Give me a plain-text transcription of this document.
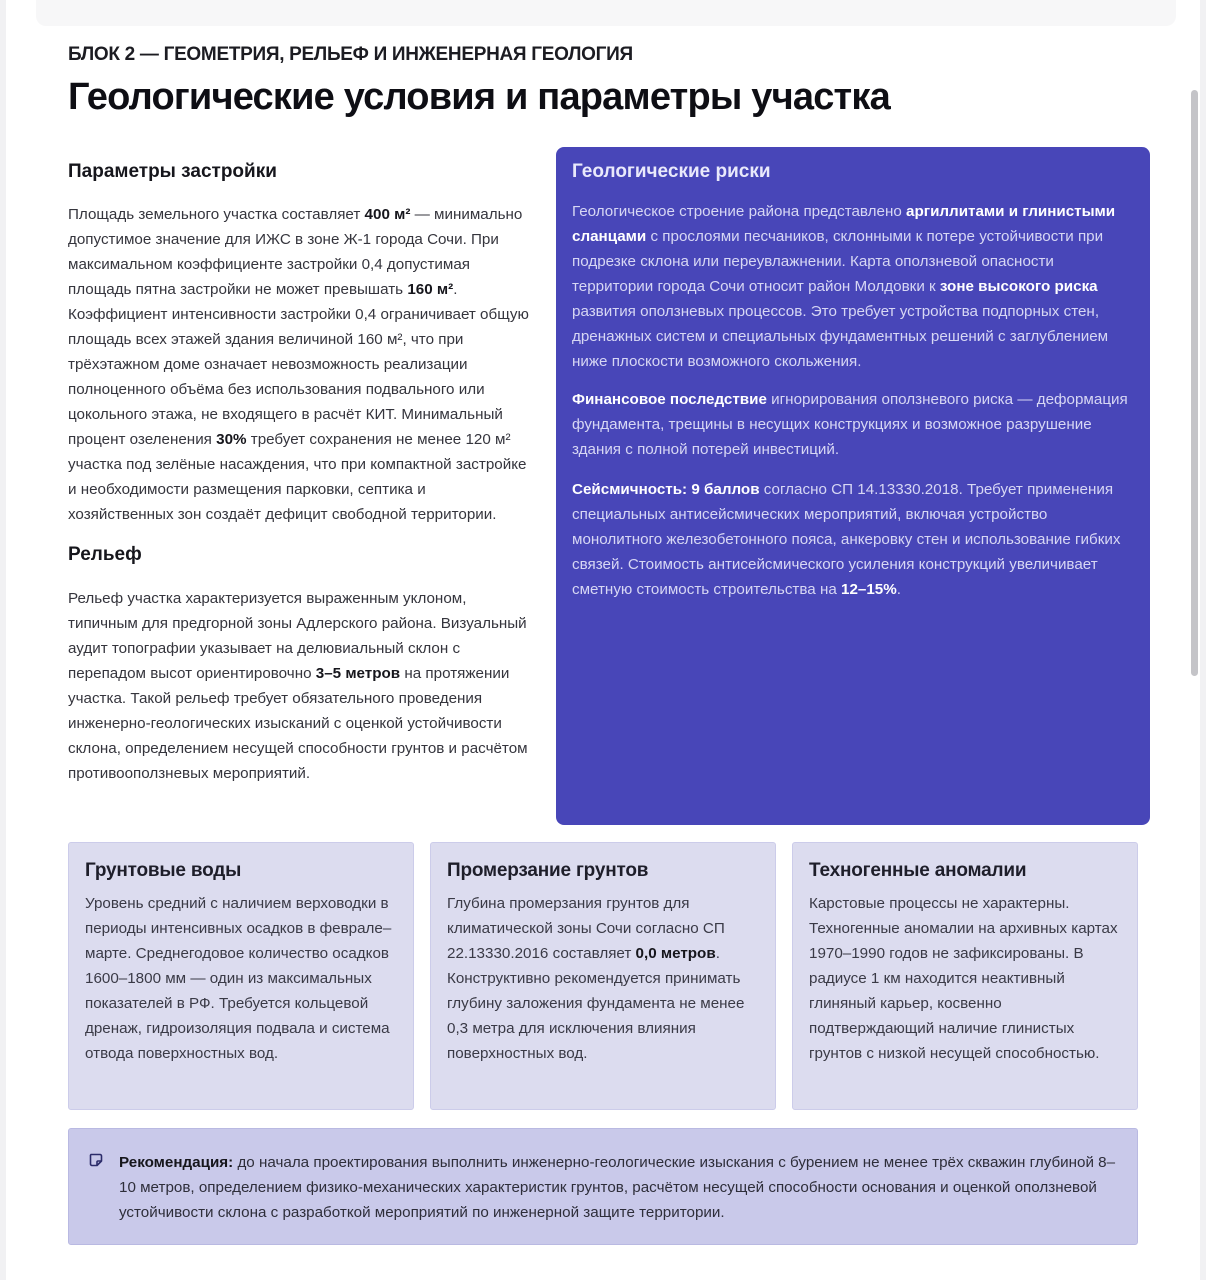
БЛОК 2 — ГЕОМЕТРИЯ, РЕЛЬЕФ И ИНЖЕНЕРНАЯ ГЕОЛОГИЯ
Геологические условия и параметры участка
Параметры застройки

Площадь земельного участка составляет 400 м² — минимально допустимое значение для ИЖС в зоне Ж-1 города Сочи. При максимальном коэффициенте застройки 0,4 допустимая площадь пятна застройки не может превышать 160 м². Коэффициент интенсивности застройки 0,4 ограничивает общую площадь всех этажей здания величиной 160 м², что при трёхэтажном доме означает невозможность реализации полноценного объёма без использования подвального или цокольного этажа, не входящего в расчёт КИТ. Минимальный процент озеленения 30% требует сохранения не менее 120 м² участка под зелёные насаждения, что при компактной застройке и необходимости размещения парковки, септика и хозяйственных зон создаёт дефицит свободной территории.

Рельеф

Рельеф участка характеризуется выраженным уклоном, типичным для предгорной зоны Адлерского района. Визуальный аудит топографии указывает на делювиальный склон с перепадом высот ориентировочно 3–5 метров на протяжении участка. Такой рельеф требует обязательного проведения инженерно-геологических изысканий с оценкой устойчивости склона, определением несущей способности грунтов и расчётом противооползневых мероприятий.

Геологические риски

Геологическое строение района представлено аргиллитами и глинистыми сланцами с прослоями песчаников, склонными к потере устойчивости при подрезке склона или переувлажнении. Карта оползневой опасности территории города Сочи относит район Молдовки к зоне высокого риска развития оползневых процессов. Это требует устройства подпорных стен, дренажных систем и специальных фундаментных решений с заглублением ниже плоскости возможного скольжения.

Финансовое последствие игнорирования оползневого риска — деформация фундамента, трещины в несущих конструкциях и возможное разрушение здания с полной потерей инвестиций.

Сейсмичность: 9 баллов согласно СП 14.13330.2018. Требует применения специальных антисейсмических мероприятий, включая устройство монолитного железобетонного пояса, анкеровку стен и использование гибких связей. Стоимость антисейсмического усиления конструкций увеличивает сметную стоимость строительства на 12–15%.

Грунтовые воды

Уровень средний с наличием верховодки в периоды интенсивных осадков в феврале–марте. Среднегодовое количество осадков 1600–1800 мм — один из максимальных показателей в РФ. Требуется кольцевой дренаж, гидроизоляция подвала и система отвода поверхностных вод.

Промерзание грунтов

Глубина промерзания грунтов для климатической зоны Сочи согласно СП 22.13330.2016 составляет 0,0 метров. Конструктивно рекомендуется принимать глубину заложения фундамента не менее 0,3 метра для исключения влияния поверхностных вод.

Техногенные аномалии

Карстовые процессы не характерны. Техногенные аномалии на архивных картах 1970–1990 годов не зафиксированы. В радиусе 1 км находится неактивный глиняный карьер, косвенно подтверждающий наличие глинистых грунтов с низкой несущей способностью.

Рекомендация: до начала проектирования выполнить инженерно-геологические изыскания с бурением не менее трёх скважин глубиной 8–10 метров, определением физико-механических характеристик грунтов, расчётом несущей способности основания и оценкой оползневой устойчивости склона с разработкой мероприятий по инженерной защите территории.
